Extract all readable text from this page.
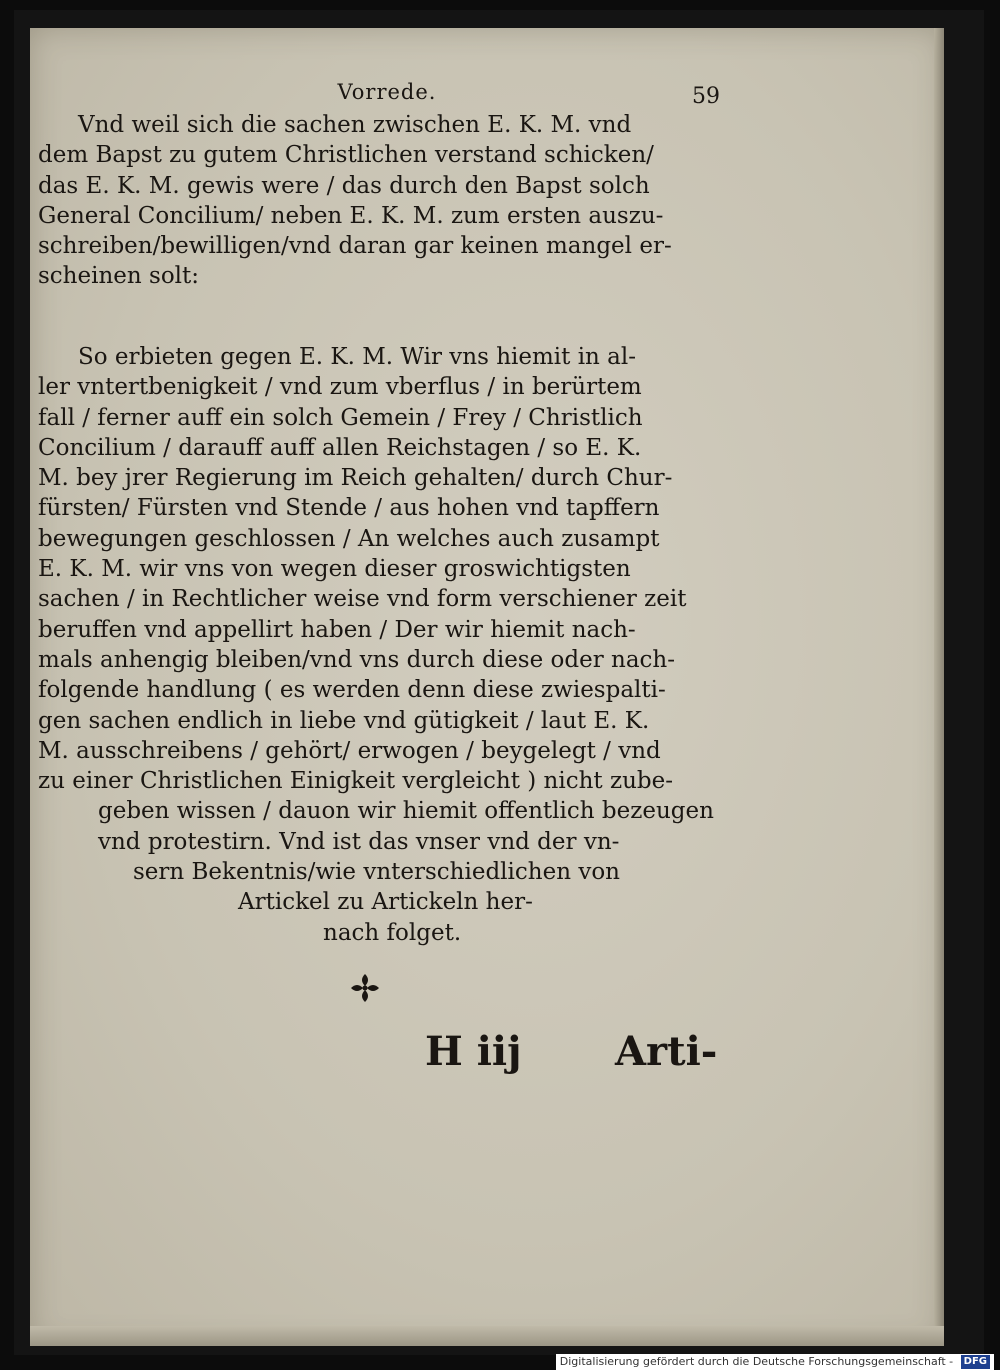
Vorrede.	59
Vnd weil sich die sachen zwischen E. K. M. vnd
dem Bapst zu gutem Christlichen verstand schicken/
das E. K. M. gewis were / das durch den Bapst solch
General Concilium/ neben E. K. M. zum ersten auszu-
schreiben/bewilligen/vnd daran gar keinen mangel er-
scheinen solt:
So erbieten gegen E. K. M. Wir vns hiemit in al-
ler vntertbenigkeit / vnd zum vberflus / in berürtem
fall / ferner auff ein solch Gemein / Frey / Christlich
Concilium / darauff auff allen Reichstagen / so E. K.
M. bey jrer Regierung im Reich gehalten/ durch Chur-
fürsten/ Fürsten vnd Stende / aus hohen vnd tapffern
bewegungen geschlossen / An welches auch zusampt
E. K. M. wir vns von wegen dieser groswichtigsten
sachen / in Rechtlicher weise vnd form verschiener zeit
beruffen vnd appellirt haben / Der wir hiemit nach-
mals anhengig bleiben/vnd vns durch diese oder nach-
folgende handlung ( es werden denn diese zwiespalti-
gen sachen endlich in liebe vnd gütigkeit / laut E. K.
M. ausschreibens / gehört/ erwogen / beygelegt / vnd
zu einer Christlichen Einigkeit vergleicht ) nicht zube-
geben wissen / dauon wir hiemit offentlich bezeugen
vnd protestirn. Vnd ist das vnser vnd der vn-
sern Bekentnis/wie vnterschiedlichen von
Artickel zu Artickeln her-
nach folget.
H iij	Arti-
Digitalisierung gefördert durch die Deutsche Forschungsgemeinschaft - DFG
